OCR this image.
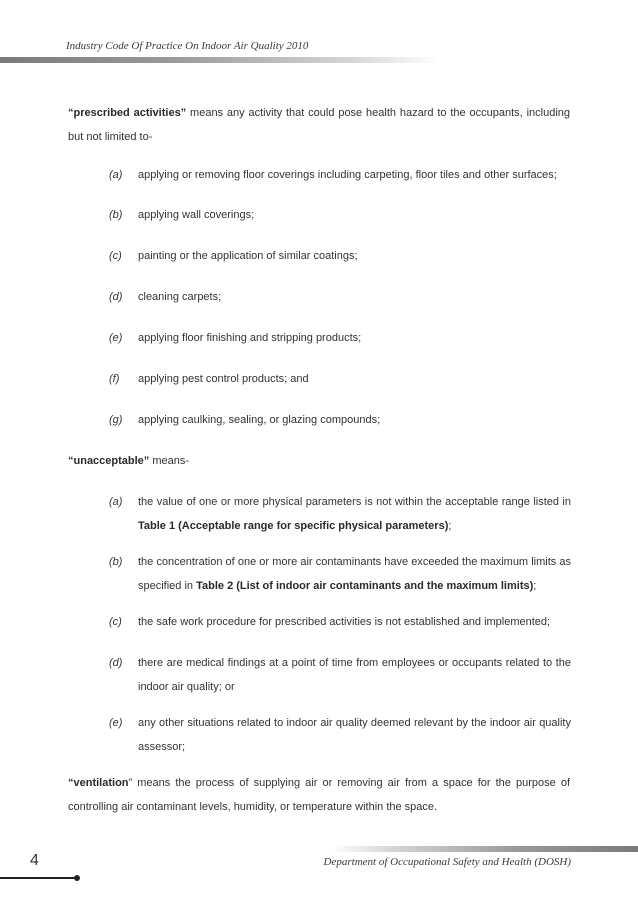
Industry Code Of Practice On Indoor Air Quality 2010
“prescribed activities” means any activity that could pose health hazard to the occupants, including but not limited to-
(a) applying or removing floor coverings including carpeting, floor tiles and other surfaces;
(b) applying wall coverings;
(c) painting or the application of similar coatings;
(d) cleaning carpets;
(e) applying floor finishing and stripping products;
(f) applying pest control products; and
(g) applying caulking, sealing, or glazing compounds;
“unacceptable” means-
(a) the value of one or more physical parameters is not within the acceptable range listed in Table 1 (Acceptable range for specific physical parameters);
(b) the concentration of one or more air contaminants have exceeded the maximum limits as specified in Table 2 (List of indoor air contaminants and the maximum limits);
(c) the safe work procedure for prescribed activities is not established and implemented;
(d) there are medical findings at a point of time from employees or occupants related to the indoor air quality; or
(e) any other situations related to indoor air quality deemed relevant by the indoor air quality assessor;
“ventilation” means the process of supplying air or removing air from a space for the purpose of controlling air contaminant levels, humidity, or temperature within the space.
4	Department of Occupational Safety and Health (DOSH)
